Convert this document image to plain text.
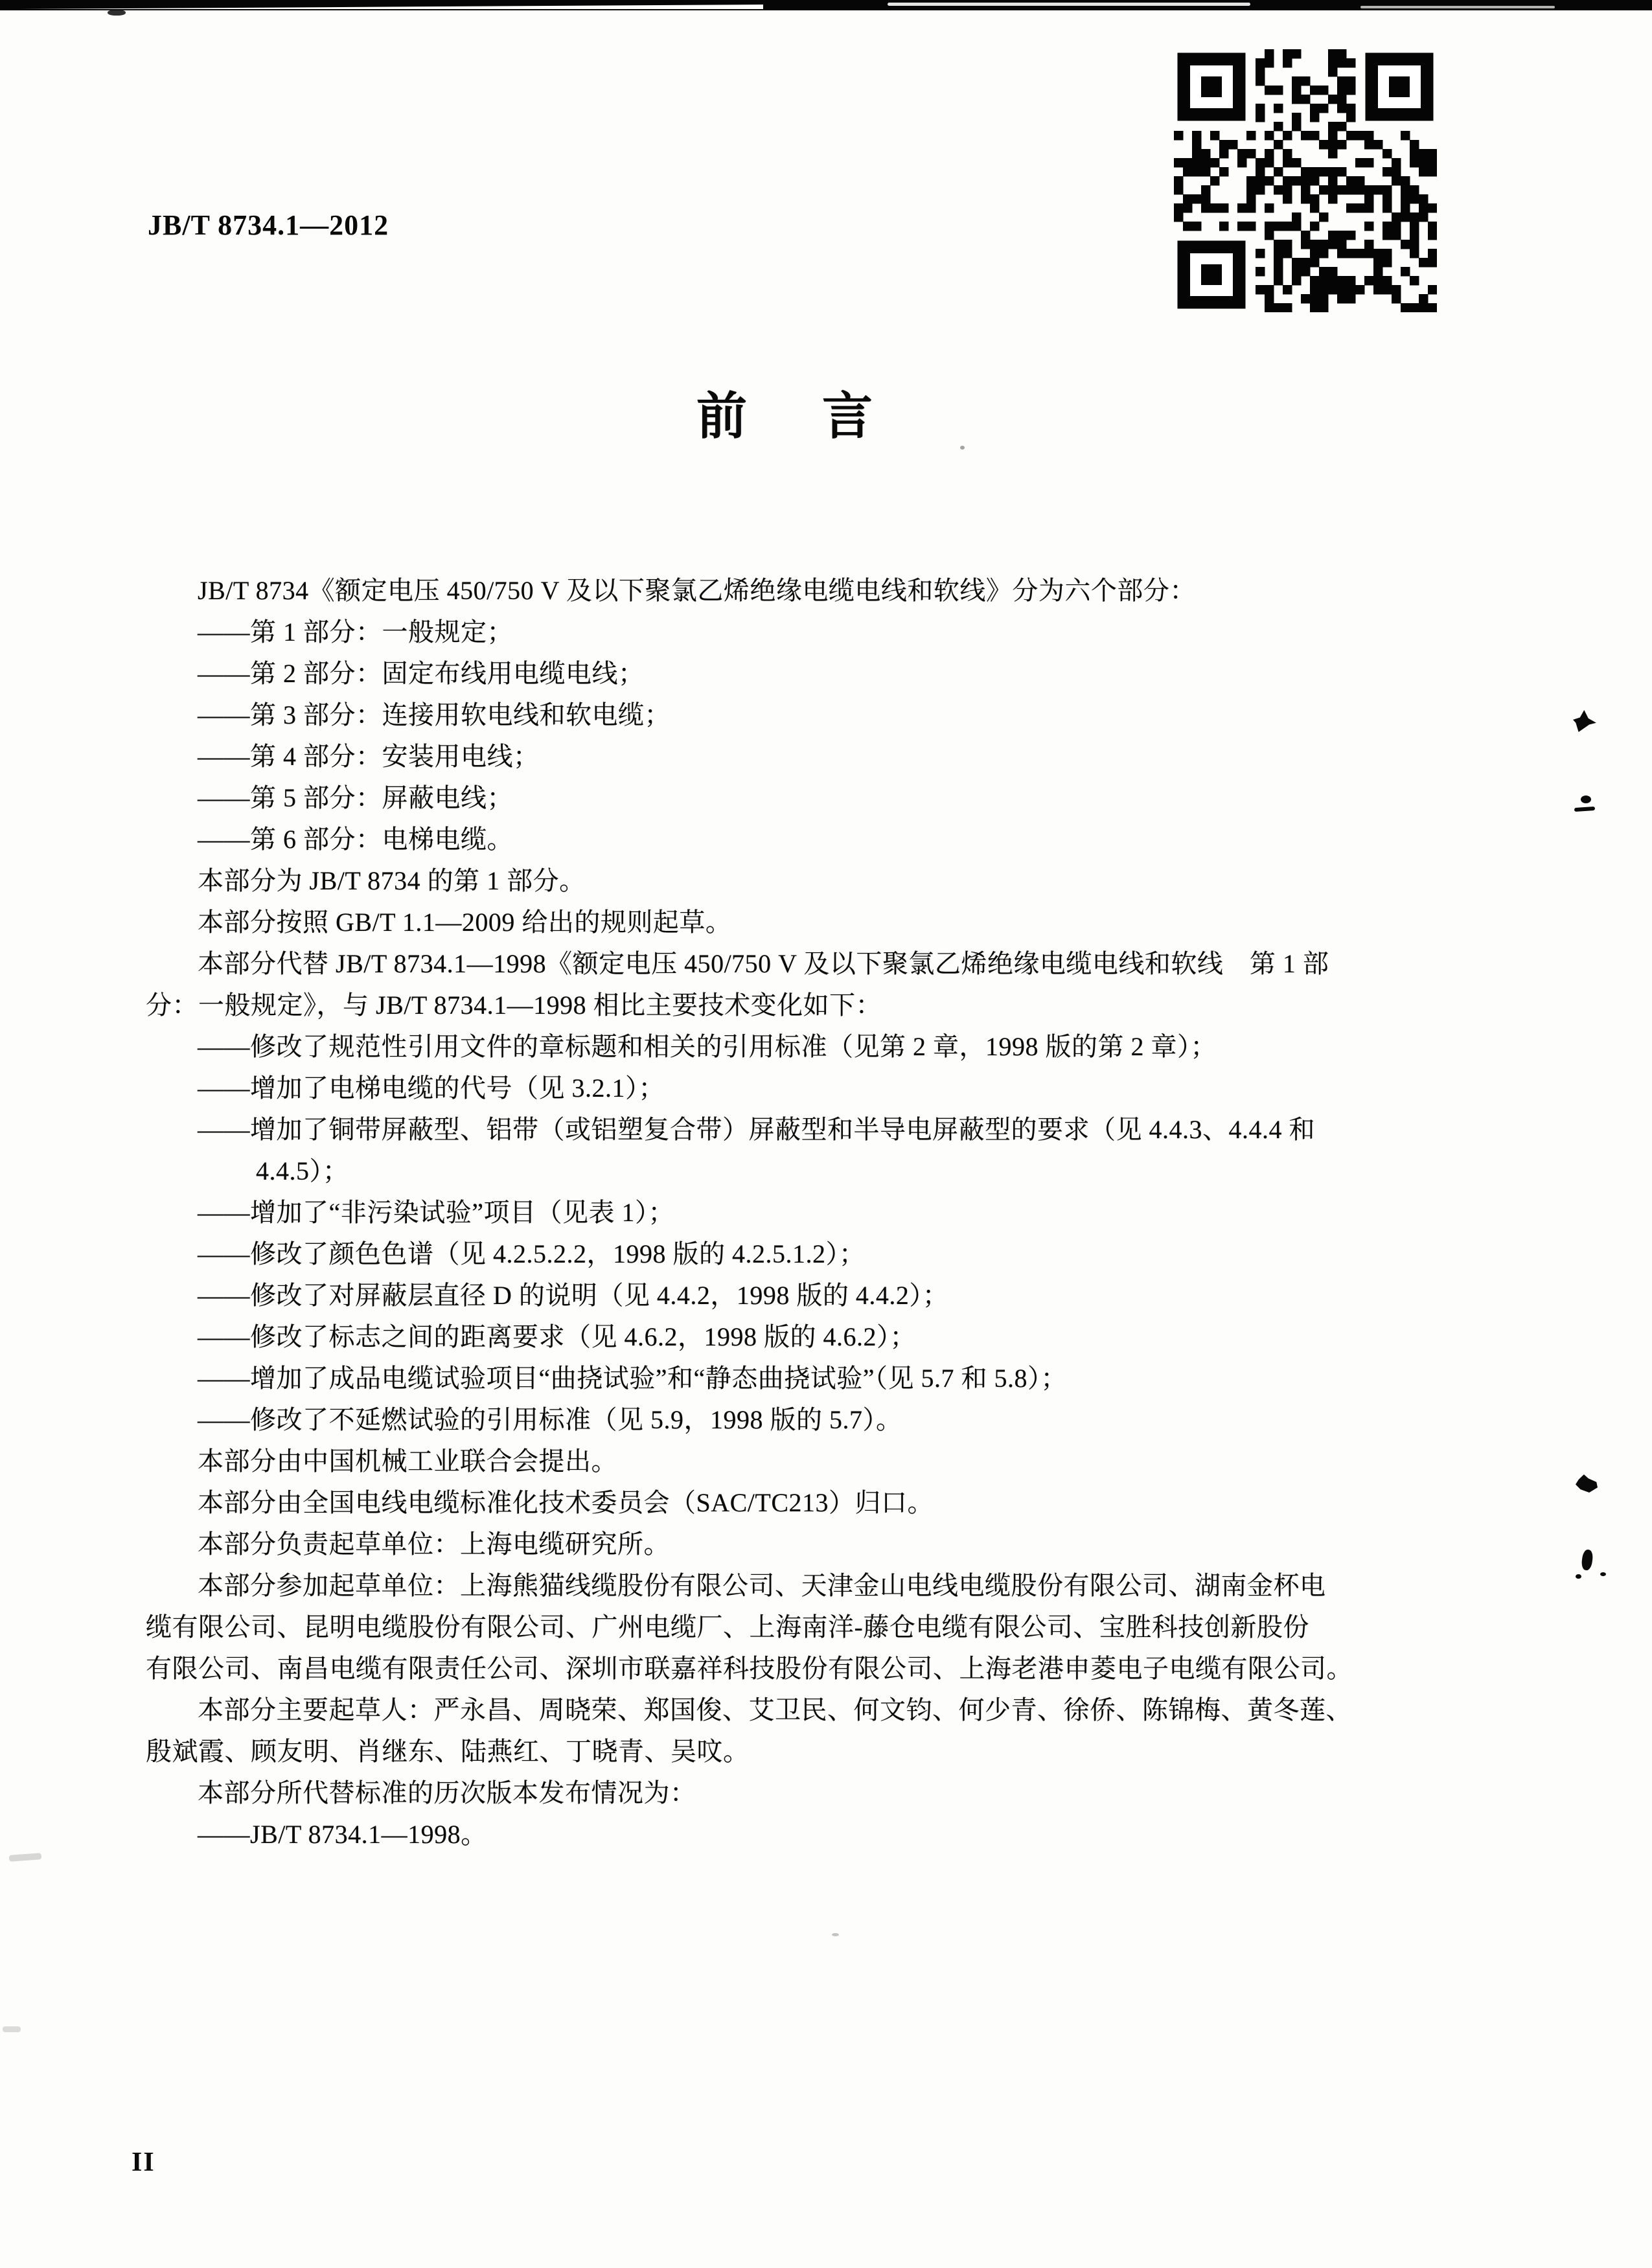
JB/T 8734.1—2012
前 言
JB/T 8734《额定电压 450/750 V 及以下聚氯乙烯绝缘电缆电线和软线》分为六个部分：
——第 1 部分：一般规定；
——第 2 部分：固定布线用电缆电线；
——第 3 部分：连接用软电线和软电缆；
——第 4 部分：安装用电线；
——第 5 部分：屏蔽电线；
——第 6 部分：电梯电缆。
本部分为 JB/T 8734 的第 1 部分。
本部分按照 GB/T 1.1—2009 给出的规则起草。
本部分代替 JB/T 8734.1—1998《额定电压 450/750 V 及以下聚氯乙烯绝缘电缆电线和软线　第 1 部
分：一般规定》，与 JB/T 8734.1—1998 相比主要技术变化如下：
——修改了规范性引用文件的章标题和相关的引用标准（见第 2 章，1998 版的第 2 章）；
——增加了电梯电缆的代号（见 3.2.1）；
——增加了铜带屏蔽型、铝带（或铝塑复合带）屏蔽型和半导电屏蔽型的要求（见 4.4.3、4.4.4 和
4.4.5）；
——增加了“非污染试验”项目（见表 1）；
——修改了颜色色谱（见 4.2.5.2.2，1998 版的 4.2.5.1.2）；
——修改了对屏蔽层直径 D 的说明（见 4.4.2，1998 版的 4.4.2）；
——修改了标志之间的距离要求（见 4.6.2，1998 版的 4.6.2）；
——增加了成品电缆试验项目“曲挠试验”和“静态曲挠试验”（见 5.7 和 5.8）；
——修改了不延燃试验的引用标准（见 5.9，1998 版的 5.7）。
本部分由中国机械工业联合会提出。
本部分由全国电线电缆标准化技术委员会（SAC/TC213）归口。
本部分负责起草单位：上海电缆研究所。
本部分参加起草单位：上海熊猫线缆股份有限公司、天津金山电线电缆股份有限公司、湖南金杯电
缆有限公司、昆明电缆股份有限公司、广州电缆厂、上海南洋-藤仓电缆有限公司、宝胜科技创新股份
有限公司、南昌电缆有限责任公司、深圳市联嘉祥科技股份有限公司、上海老港申菱电子电缆有限公司。
本部分主要起草人：严永昌、周晓荣、郑国俊、艾卫民、何文钧、何少青、徐侨、陈锦梅、黄冬莲、
殷斌霞、顾友明、肖继东、陆燕红、丁晓青、吴呅。
本部分所代替标准的历次版本发布情况为：
——JB/T 8734.1—1998。
II
